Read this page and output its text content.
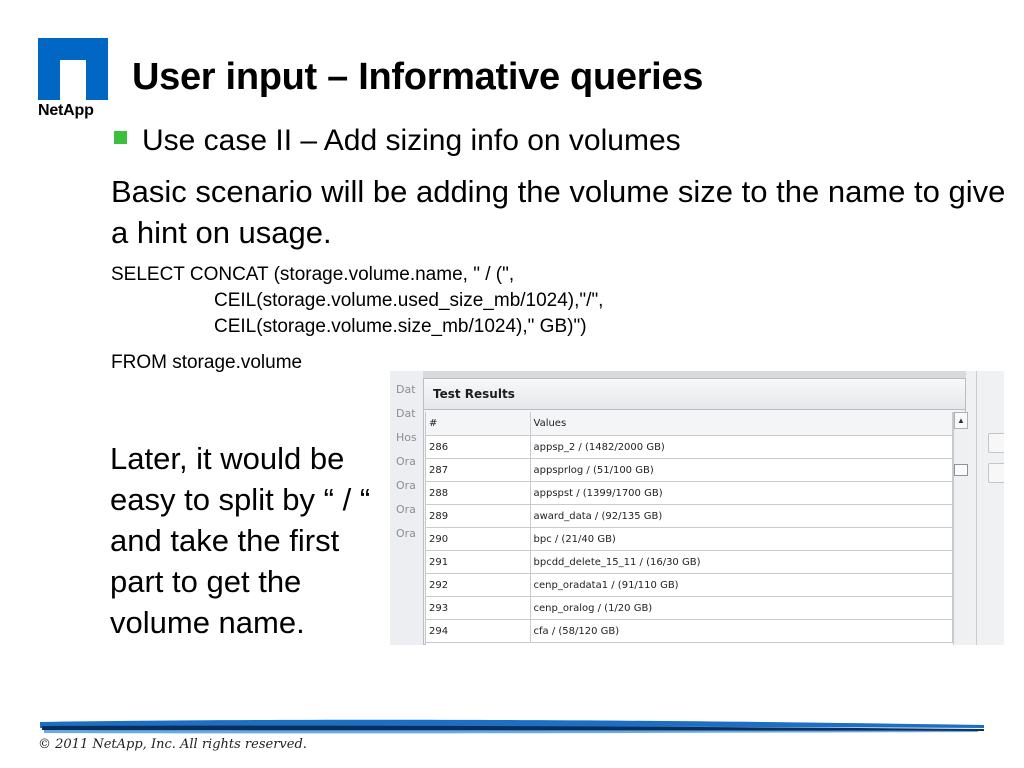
NetApp
User input – Informative queries
Use case II – Add sizing info on volumes

Basic scenario will be adding the volume size to the name to give a hint on usage.

SELECT CONCAT (storage.volume.name, " / (",
CEIL(storage.volume.used_size_mb/1024),"/",
CEIL(storage.volume.size_mb/1024)," GB)")
FROM storage.volume

Later, it would be easy to split by “ / “ and take the first part to get the volume name.

Dat
Dat
Hos
Ora
Ora
Ora
Ora
Test Results
#	Values
286	appsp_2 / (1482/2000 GB)
287	appsprlog / (51/100 GB)
288	appspst / (1399/1700 GB)
289	award_data / (92/135 GB)
290	bpc / (21/40 GB)
291	bpcdd_delete_15_11 / (16/30 GB)
292	cenp_oradata1 / (91/110 GB)
293	cenp_oralog / (1/20 GB)
294	cfa / (58/120 GB)
▲
© 2011 NetApp, Inc. All rights reserved.
